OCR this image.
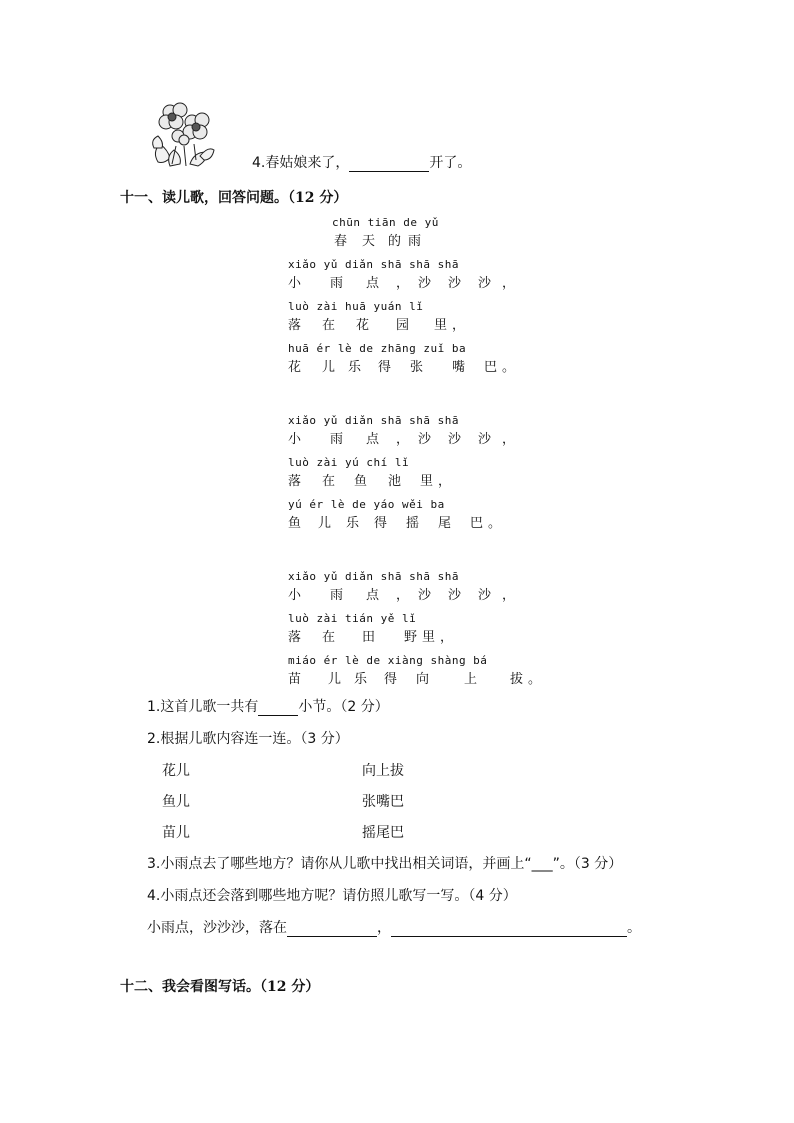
4.春姑娘来了，	开了。
十一、读儿歌，回答问题。（12 分）
chūn tiān de yǔ
春 天 的 雨
xiǎo yǔ diǎn shā shā shā
小 雨 点 ， 沙 沙 沙 ，
luò zài huā yuán lǐ
落 在 花 园 里 ，
huā ér lè de zhāng zuǐ ba
花 儿 乐 得 张 嘴 巴 。
xiǎo yǔ diǎn shā shā shā
小 雨 点 ， 沙 沙 沙 ，
luò zài yú chí lǐ
落 在 鱼 池 里 ，
yú ér lè de yáo wěi ba
鱼 儿 乐 得 摇 尾 巴 。
xiǎo yǔ diǎn shā shā shā
小 雨 点 ， 沙 沙 沙 ，
luò zài tián yě lǐ
落 在 田 野 里 ，
miáo ér lè de xiàng shàng bá
苗 儿 乐 得 向	上	拔 。
1.这首儿歌一共有	小节。（2 分）
2.根据儿歌内容连一连。（3 分）
花儿	向上拔
鱼儿	张嘴巴
苗儿	摇尾巴
3.小雨点去了哪些地方？请你从儿歌中找出相关词语，并画上“___”。（3 分）
4.小雨点还会落到哪些地方呢？请仿照儿歌写一写。（4 分）
小雨点，沙沙沙，落在	，	。
十二、我会看图写话。（12 分）
